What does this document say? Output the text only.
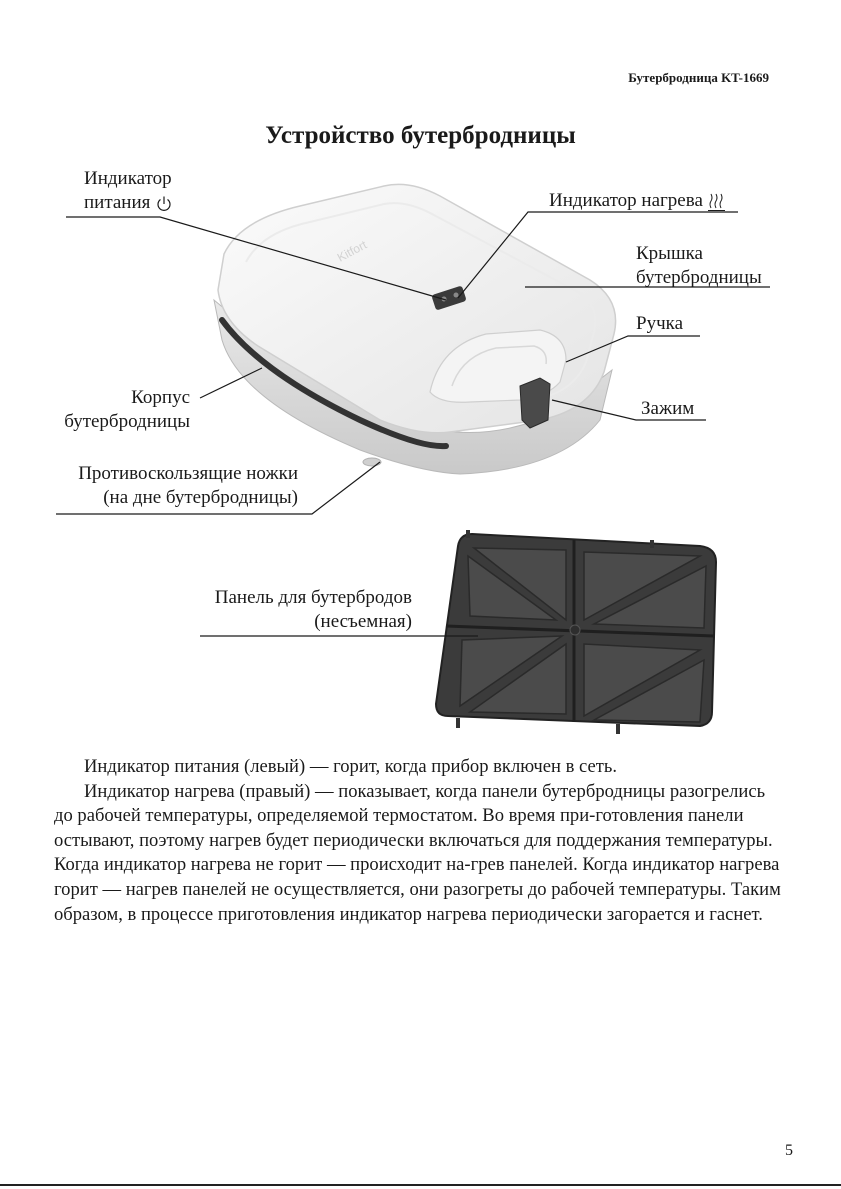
Бутербродница KT-1669
Устройство бутербродницы
Kitfort
Индикатор
питания	Индикатор нагрева
Крышка
бутербродницы
Ручка
Зажим
Корпус
бутербродницы
Противоскользящие ножки
(на дне бутербродницы)
Панель для бутербродов
(несъемная)

Индикатор питания (левый) — горит, когда прибор включен в сеть.

Индикатор нагрева (правый) — показывает, когда панели бутербродницы разогрелись до рабочей температуры, определяемой термостатом. Во время при-готовления панели остывают, поэтому нагрев будет периодически включаться для поддержания температуры. Когда индикатор нагрева не горит — происходит на-грев панелей. Когда индикатор нагрева горит — нагрев панелей не осуществляется, они разогреты до рабочей температуры. Таким образом, в процессе приготовления индикатор нагрева периодически загорается и гаснет.

5
